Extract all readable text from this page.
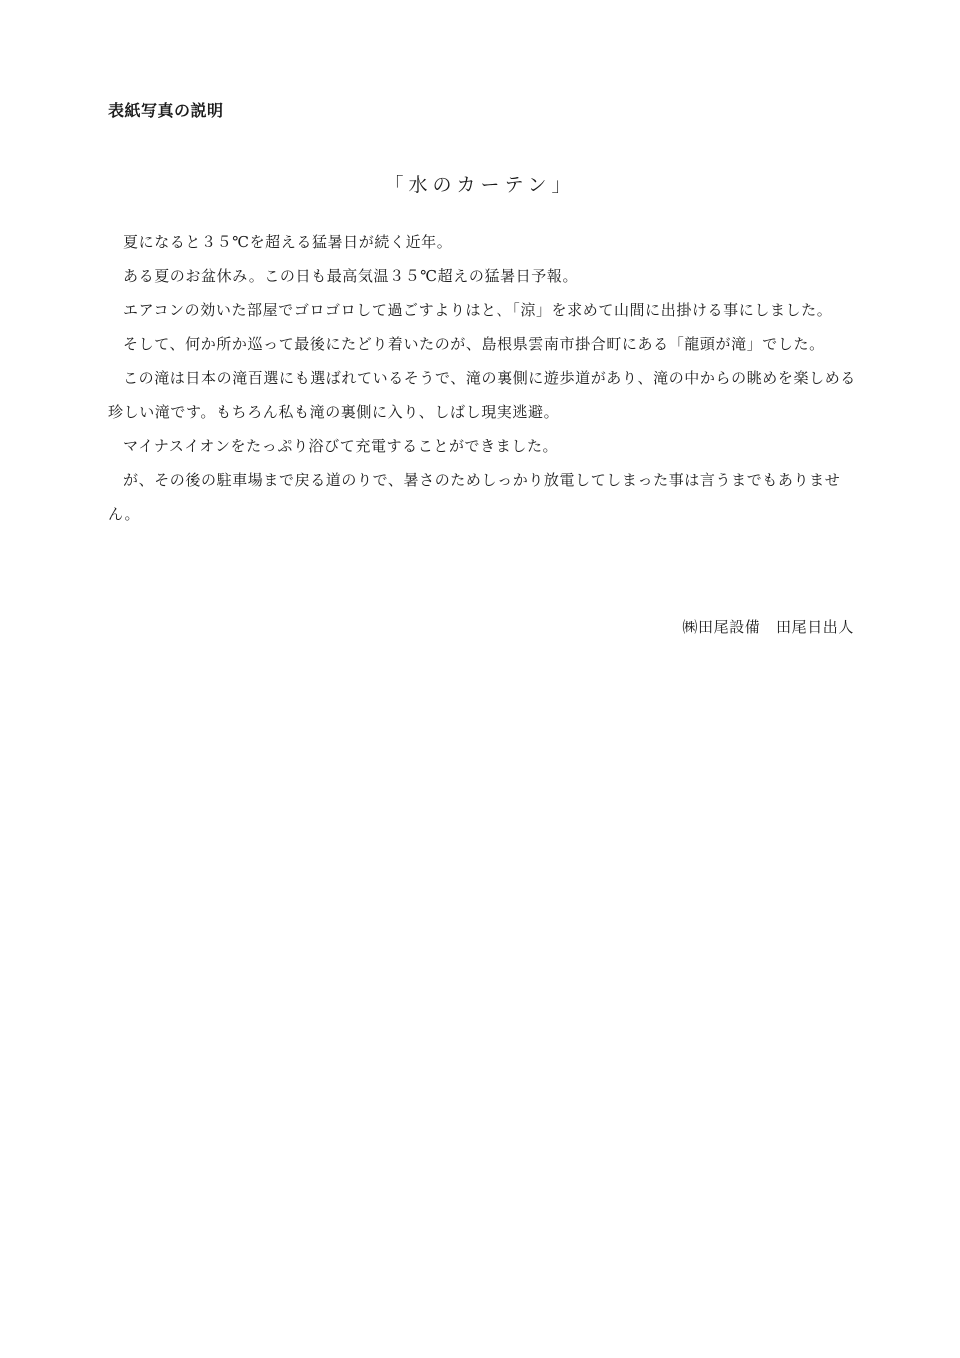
表紙写真の説明
「水のカーテン」

夏になると３５℃を超える猛暑日が続く近年。

ある夏のお盆休み。この日も最高気温３５℃超えの猛暑日予報。

エアコンの効いた部屋でゴロゴロして過ごすよりはと､「涼」を求めて山間に出掛ける事にしました。

そして、何か所か巡って最後にたどり着いたのが、島根県雲南市掛合町にある「龍頭が滝」でした。

この滝は日本の滝百選にも選ばれているそうで、滝の裏側に遊歩道があり、滝の中からの眺めを楽しめる珍しい滝です。もちろん私も滝の裏側に入り、しばし現実逃避。

マイナスイオンをたっぷり浴びて充電することができました。

が、その後の駐車場まで戻る道のりで、暑さのためしっかり放電してしまった事は言うまでもありません。

㈱田尾設備　田尾日出人
